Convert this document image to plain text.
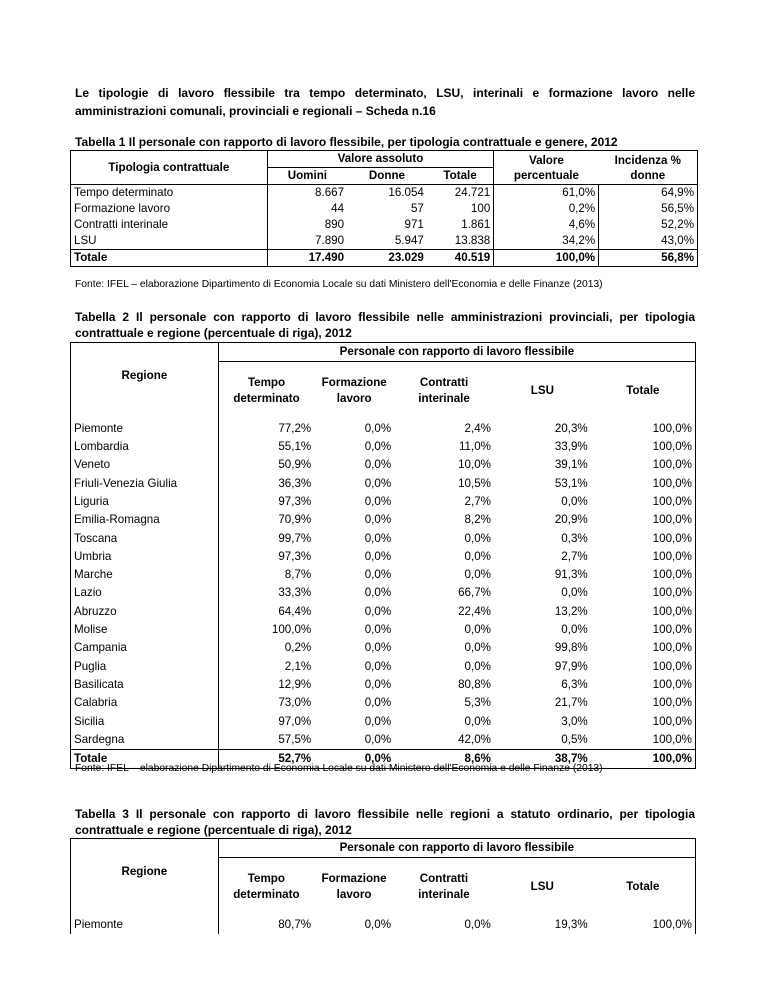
Le tipologie di lavoro flessibile tra tempo determinato, LSU, interinali e formazione lavoro nelle amministrazioni comunali, provinciali e regionali – Scheda n.16
Tabella 1 Il personale con rapporto di lavoro flessibile, per tipologia contrattuale e genere, 2012
Tipologia contrattuale	Valore assoluto			Valore percentuale	Incidenza % donne
	Uomini	Donne	Totale		
Tempo determinato	8.667	16.054	24.721	61,0%	64,9%
Formazione lavoro	44	57	100	0,2%	56,5%
Contratti interinale	890	971	1.861	4,6%	52,2%
LSU	7.890	5.947	13.838	34,2%	43,0%
Totale	17.490	23.029	40.519	100,0%	56,8%
Fonte: IFEL – elaborazione Dipartimento di Economia Locale su dati Ministero dell'Economia e delle Finanze (2013)
Tabella 2 Il personale con rapporto di lavoro flessibile nelle amministrazioni provinciali, per tipologia contrattuale e regione (percentuale di riga), 2012
Regione	Personale con rapporto di lavoro flessibile				
	Tempo determinato	Formazione lavoro	Contratti interinale	LSU	Totale
Piemonte	77,2%	0,0%	2,4%	20,3%	100,0%
Lombardia	55,1%	0,0%	11,0%	33,9%	100,0%
Veneto	50,9%	0,0%	10,0%	39,1%	100,0%
Friuli-Venezia Giulia	36,3%	0,0%	10,5%	53,1%	100,0%
Liguria	97,3%	0,0%	2,7%	0,0%	100,0%
Emilia-Romagna	70,9%	0,0%	8,2%	20,9%	100,0%
Toscana	99,7%	0,0%	0,0%	0,3%	100,0%
Umbria	97,3%	0,0%	0,0%	2,7%	100,0%
Marche	8,7%	0,0%	0,0%	91,3%	100,0%
Lazio	33,3%	0,0%	66,7%	0,0%	100,0%
Abruzzo	64,4%	0,0%	22,4%	13,2%	100,0%
Molise	100,0%	0,0%	0,0%	0,0%	100,0%
Campania	0,2%	0,0%	0,0%	99,8%	100,0%
Puglia	2,1%	0,0%	0,0%	97,9%	100,0%
Basilicata	12,9%	0,0%	80,8%	6,3%	100,0%
Calabria	73,0%	0,0%	5,3%	21,7%	100,0%
Sicilia	97,0%	0,0%	0,0%	3,0%	100,0%
Sardegna	57,5%	0,0%	42,0%	0,5%	100,0%
Totale	52,7%	0,0%	8,6%	38,7%	100,0%
Fonte: IFEL – elaborazione Dipartimento di Economia Locale su dati Ministero dell'Economia e delle Finanze (2013)
Tabella 3 Il personale con rapporto di lavoro flessibile nelle regioni a statuto ordinario, per tipologia contrattuale e regione (percentuale di riga), 2012
Regione	Personale con rapporto di lavoro flessibile				
	Tempo determinato	Formazione lavoro	Contratti interinale	LSU	Totale
Piemonte	80,7%	0,0%	0,0%	19,3%	100,0%
